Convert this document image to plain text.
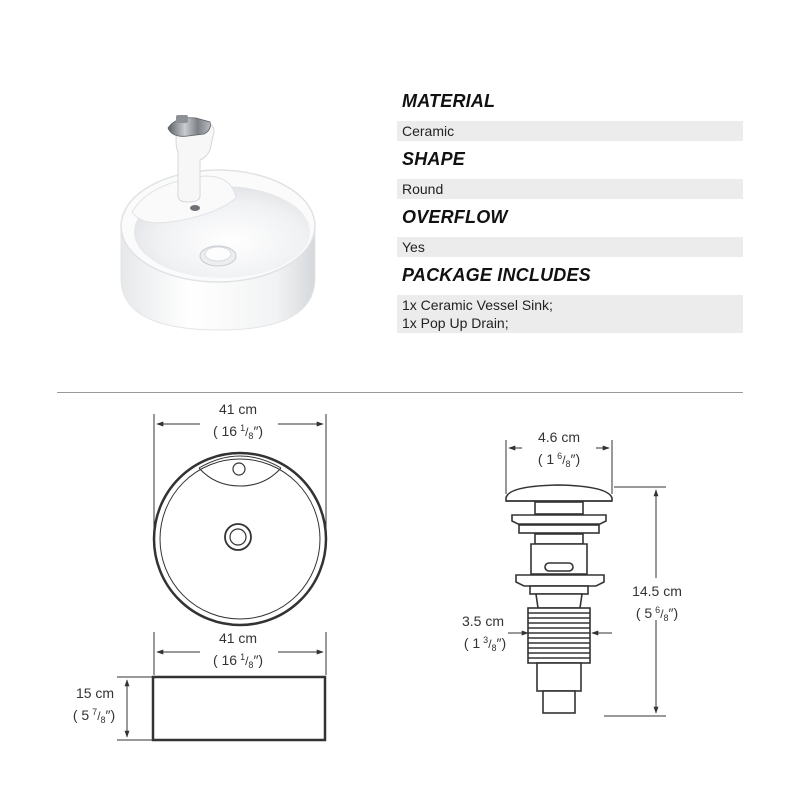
MATERIAL
Ceramic
SHAPE
Round
OVERFLOW
Yes
PACKAGE INCLUDES
1x Ceramic Vessel Sink;
1x Pop Up Drain;
41 cm
( 16 $^1/_8''$)
41 cm
( 16 $^1/_8''$)
15 cm
( 5 $^7/_8''$)
4.6 cm
( 1 $^6/_8''$)
3.5 cm
( 1 $^3/_8''$)
14.5 cm
( 5 $^6/_8''$)
